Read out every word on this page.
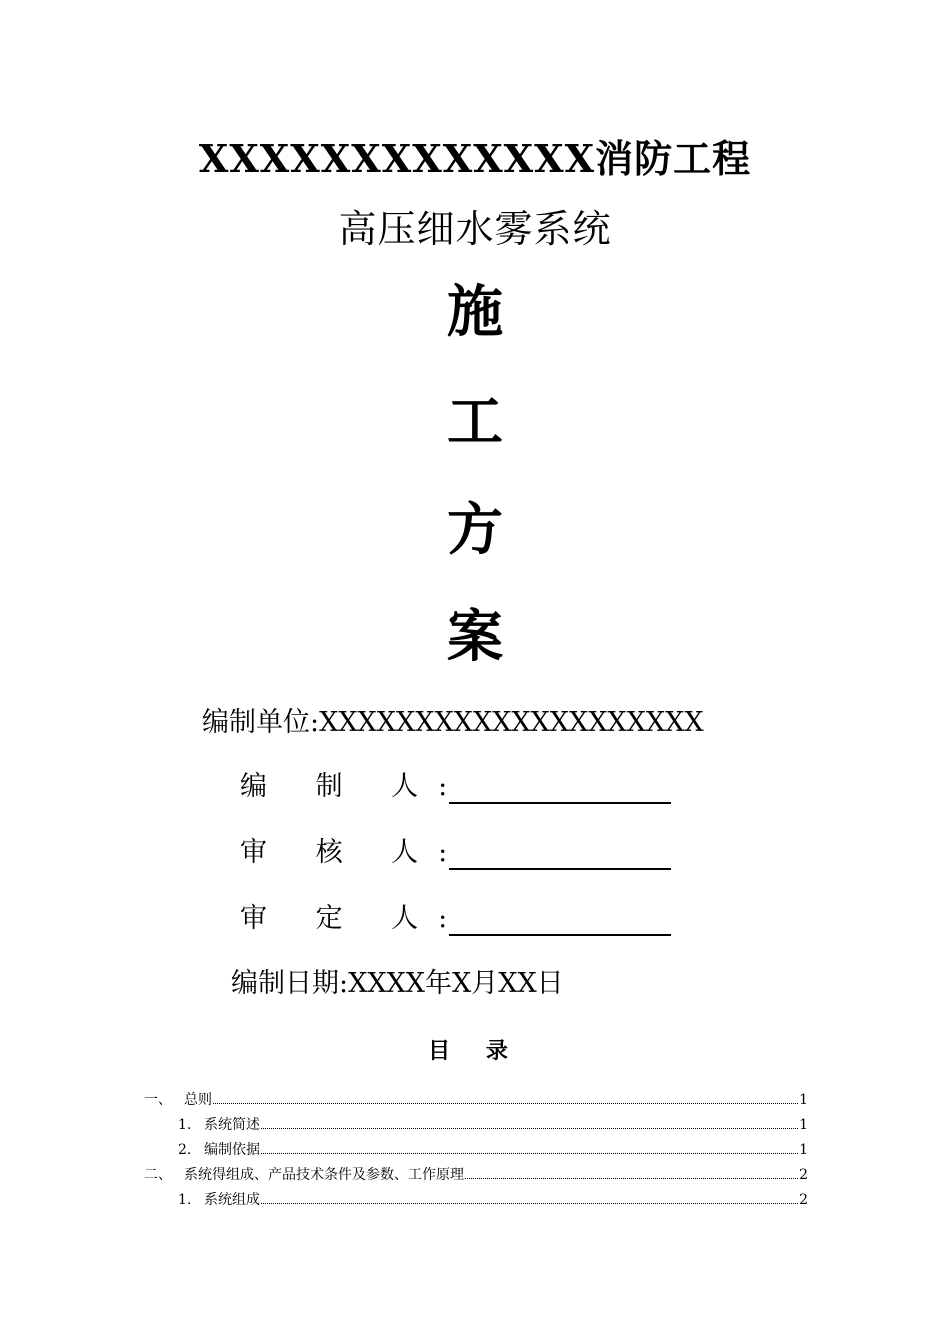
XXXXXXXXXXXXX消防工程
高压细水雾系统
施
工
方
案
编制单位:XXXXXXXXXXXXXXXXXXXX
编 制 人:
审 核 人:
审 定 人:
编制日期:XXXX年X月XX日
目 录
一、 总则	1
1. 系统简述	1
2. 编制依据	1
二、 系统得组成、产品技术条件及参数、工作原理	2
1. 系统组成	2
